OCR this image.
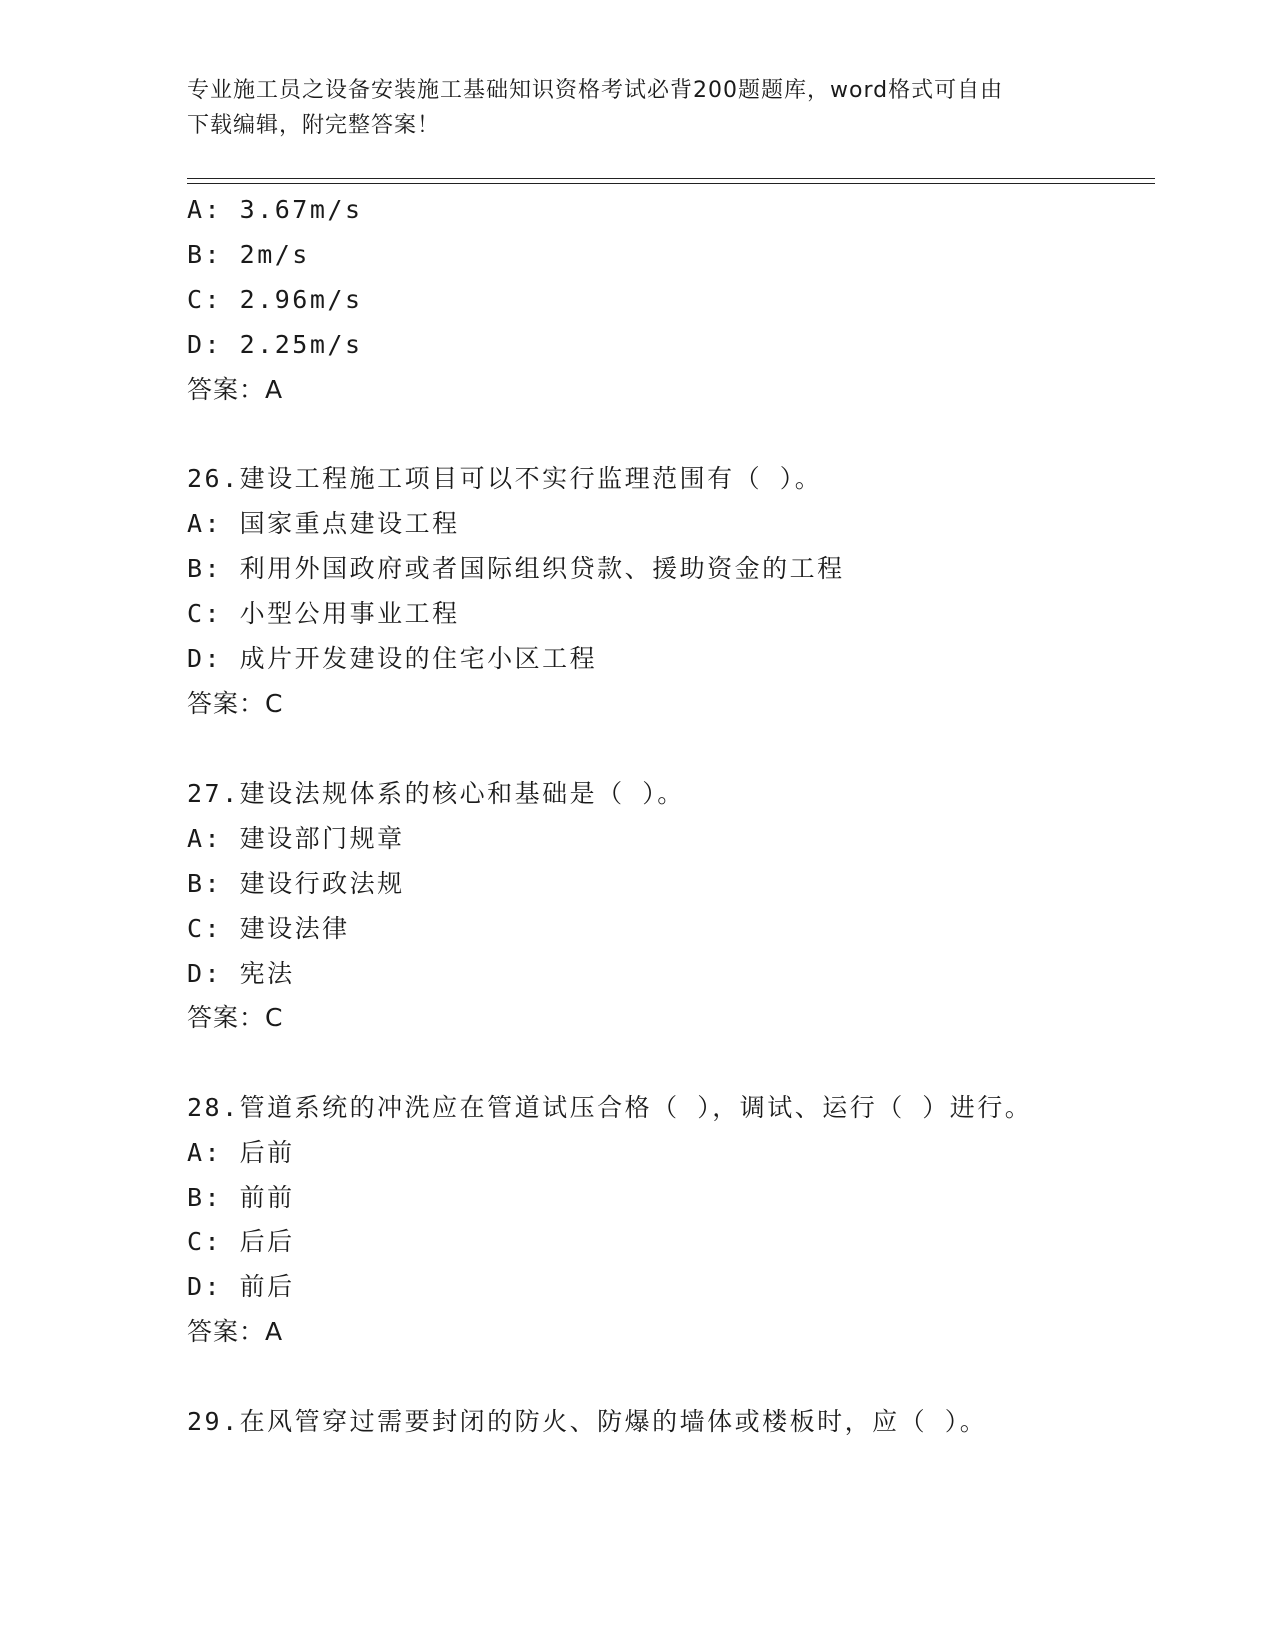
专业施工员之设备安装施工基础知识资格考试必背200题题库，word格式可自由
下载编辑，附完整答案！
A: 3.67m/s
B: 2m/s
C: 2.96m/s
D: 2.25m/s
答案：A
26.建设工程施工项目可以不实行监理范围有（ ）。
A: 国家重点建设工程
B: 利用外国政府或者国际组织贷款、援助资金的工程
C: 小型公用事业工程
D: 成片开发建设的住宅小区工程
答案：C
27.建设法规体系的核心和基础是（ ）。
A: 建设部门规章
B: 建设行政法规
C: 建设法律
D: 宪法
答案：C
28.管道系统的冲洗应在管道试压合格（ ），调试、运行（ ）进行。
A: 后前
B: 前前
C: 后后
D: 前后
答案：A
29.在风管穿过需要封闭的防火、防爆的墙体或楼板时，应（ ）。
